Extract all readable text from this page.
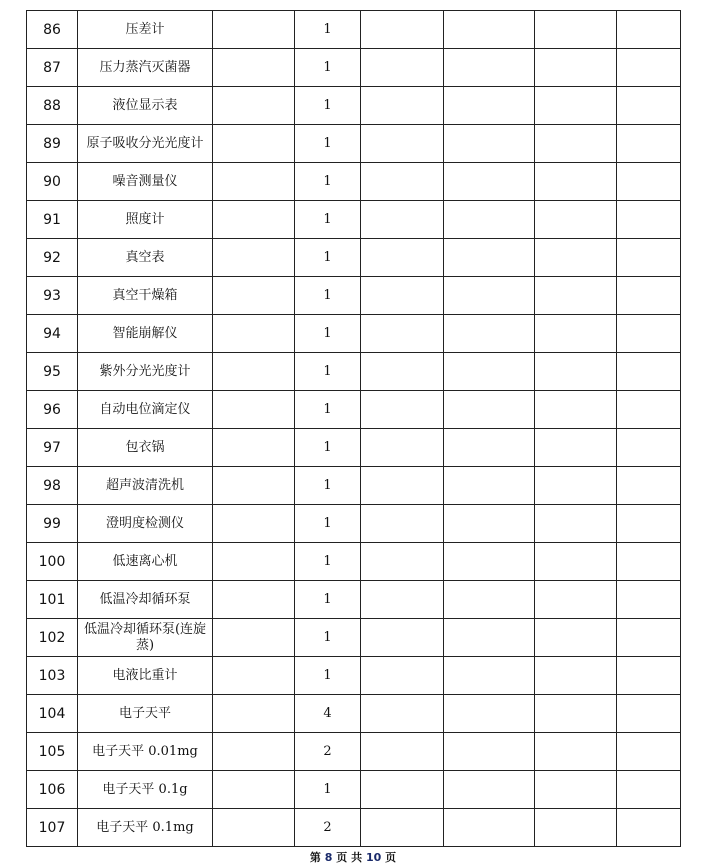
86	压差计		1				
87	压力蒸汽灭菌器		1				
88	液位显示表		1				
89	原子吸收分光光度计		1				
90	噪音测量仪		1				
91	照度计		1				
92	真空表		1				
93	真空干燥箱		1				
94	智能崩解仪		1				
95	紫外分光光度计		1				
96	自动电位滴定仪		1				
97	包衣锅		1				
98	超声波清洗机		1				
99	澄明度检测仪		1				
100	低速离心机		1				
101	低温冷却循环泵		1				
102	低温冷却循环泵(连旋蒸)		1				
103	电液比重计		1				
104	电子天平		4				
105	电子天平 0.01mg		2				
106	电子天平 0.1g		1				
107	电子天平 0.1mg		2				
第 8 页 共 10 页
